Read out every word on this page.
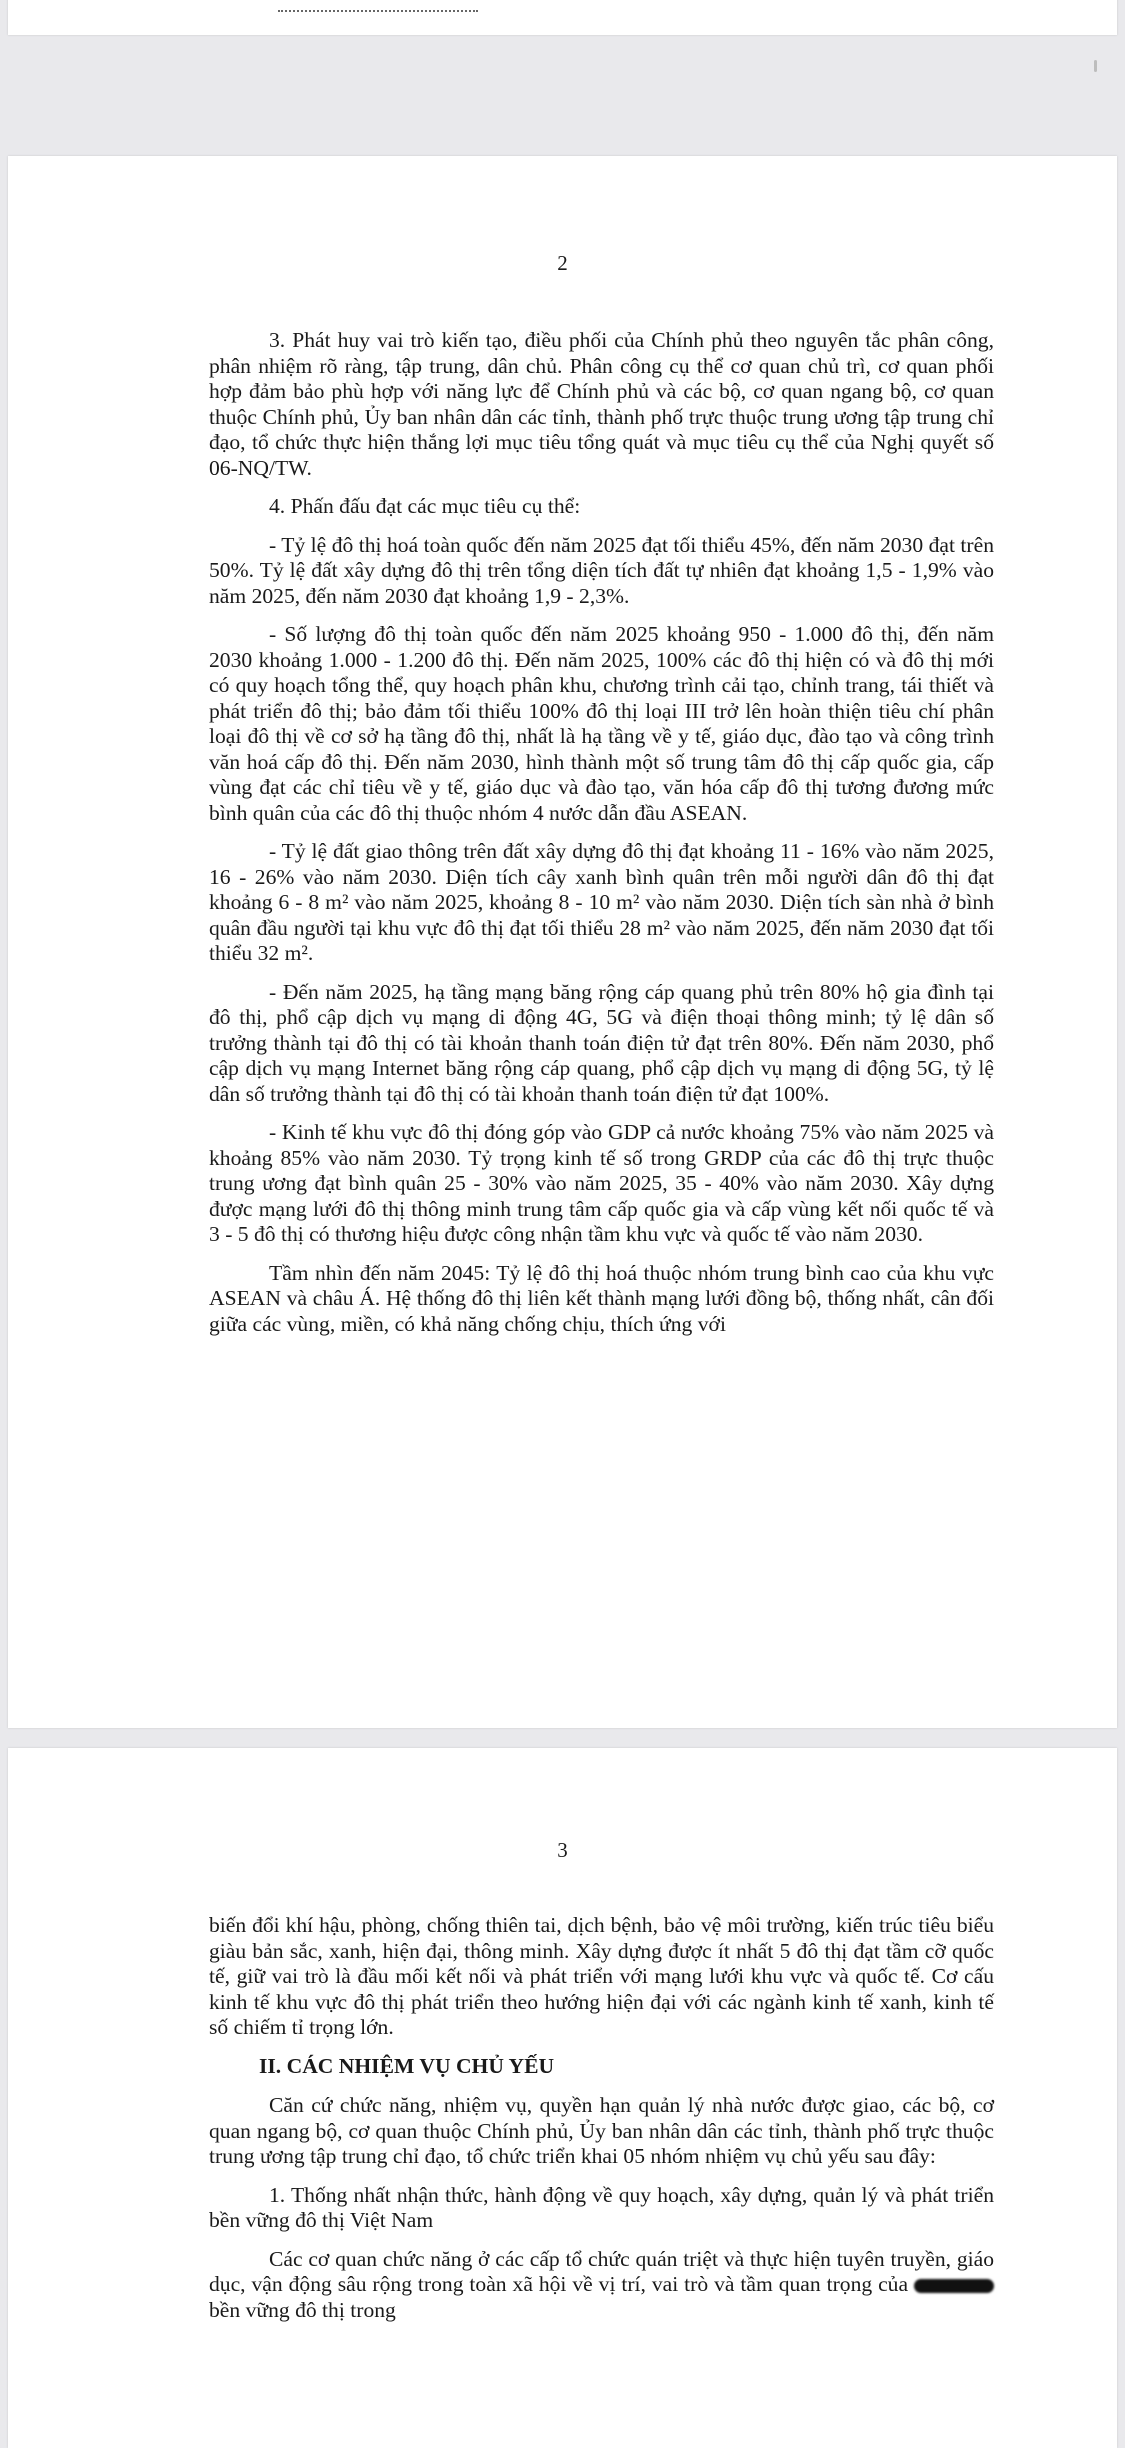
2

3. Phát huy vai trò kiến tạo, điều phối của Chính phủ theo nguyên tắc phân công, phân nhiệm rõ ràng, tập trung, dân chủ. Phân công cụ thể cơ quan chủ trì, cơ quan phối hợp đảm bảo phù hợp với năng lực để Chính phủ và các bộ, cơ quan ngang bộ, cơ quan thuộc Chính phủ, Ủy ban nhân dân các tỉnh, thành phố trực thuộc trung ương tập trung chỉ đạo, tổ chức thực hiện thắng lợi mục tiêu tổng quát và mục tiêu cụ thể của Nghị quyết số 06-NQ/TW.

4. Phấn đấu đạt các mục tiêu cụ thể:

- Tỷ lệ đô thị hoá toàn quốc đến năm 2025 đạt tối thiểu 45%, đến năm 2030 đạt trên 50%. Tỷ lệ đất xây dựng đô thị trên tổng diện tích đất tự nhiên đạt khoảng 1,5 - 1,9% vào năm 2025, đến năm 2030 đạt khoảng 1,9 - 2,3%.

- Số lượng đô thị toàn quốc đến năm 2025 khoảng 950 - 1.000 đô thị, đến năm 2030 khoảng 1.000 - 1.200 đô thị. Đến năm 2025, 100% các đô thị hiện có và đô thị mới có quy hoạch tổng thể, quy hoạch phân khu, chương trình cải tạo, chỉnh trang, tái thiết và phát triển đô thị; bảo đảm tối thiểu 100% đô thị loại III trở lên hoàn thiện tiêu chí phân loại đô thị về cơ sở hạ tầng đô thị, nhất là hạ tầng về y tế, giáo dục, đào tạo và công trình văn hoá cấp đô thị. Đến năm 2030, hình thành một số trung tâm đô thị cấp quốc gia, cấp vùng đạt các chỉ tiêu về y tế, giáo dục và đào tạo, văn hóa cấp đô thị tương đương mức bình quân của các đô thị thuộc nhóm 4 nước dẫn đầu ASEAN.

- Tỷ lệ đất giao thông trên đất xây dựng đô thị đạt khoảng 11 - 16% vào năm 2025, 16 - 26% vào năm 2030. Diện tích cây xanh bình quân trên mỗi người dân đô thị đạt khoảng 6 - 8 m² vào năm 2025, khoảng 8 - 10 m² vào năm 2030. Diện tích sàn nhà ở bình quân đầu người tại khu vực đô thị đạt tối thiểu 28 m² vào năm 2025, đến năm 2030 đạt tối thiểu 32 m².

- Đến năm 2025, hạ tầng mạng băng rộng cáp quang phủ trên 80% hộ gia đình tại đô thị, phổ cập dịch vụ mạng di động 4G, 5G và điện thoại thông minh; tỷ lệ dân số trưởng thành tại đô thị có tài khoản thanh toán điện tử đạt trên 80%. Đến năm 2030, phổ cập dịch vụ mạng Internet băng rộng cáp quang, phổ cập dịch vụ mạng di động 5G, tỷ lệ dân số trưởng thành tại đô thị có tài khoản thanh toán điện tử đạt 100%.

- Kinh tế khu vực đô thị đóng góp vào GDP cả nước khoảng 75% vào năm 2025 và khoảng 85% vào năm 2030. Tỷ trọng kinh tế số trong GRDP của các đô thị trực thuộc trung ương đạt bình quân 25 - 30% vào năm 2025, 35 - 40% vào năm 2030. Xây dựng được mạng lưới đô thị thông minh trung tâm cấp quốc gia và cấp vùng kết nối quốc tế và 3 - 5 đô thị có thương hiệu được công nhận tầm khu vực và quốc tế vào năm 2030.

Tầm nhìn đến năm 2045: Tỷ lệ đô thị hoá thuộc nhóm trung bình cao của khu vực ASEAN và châu Á. Hệ thống đô thị liên kết thành mạng lưới đồng bộ, thống nhất, cân đối giữa các vùng, miền, có khả năng chống chịu, thích ứng với

3

biến đổi khí hậu, phòng, chống thiên tai, dịch bệnh, bảo vệ môi trường, kiến trúc tiêu biểu giàu bản sắc, xanh, hiện đại, thông minh. Xây dựng được ít nhất 5 đô thị đạt tầm cỡ quốc tế, giữ vai trò là đầu mối kết nối và phát triển với mạng lưới khu vực và quốc tế. Cơ cấu kinh tế khu vực đô thị phát triển theo hướng hiện đại với các ngành kinh tế xanh, kinh tế số chiếm tỉ trọng lớn.

II. CÁC NHIỆM VỤ CHỦ YẾU

Căn cứ chức năng, nhiệm vụ, quyền hạn quản lý nhà nước được giao, các bộ, cơ quan ngang bộ, cơ quan thuộc Chính phủ, Ủy ban nhân dân các tỉnh, thành phố trực thuộc trung ương tập trung chỉ đạo, tổ chức triển khai 05 nhóm nhiệm vụ chủ yếu sau đây:

1. Thống nhất nhận thức, hành động về quy hoạch, xây dựng, quản lý và phát triển bền vững đô thị Việt Nam

Các cơ quan chức năng ở các cấp tổ chức quán triệt và thực hiện tuyên truyền, giáo dục, vận động sâu rộng trong toàn xã hội về vị trí, vai trò và tầm quan trọng của  bền vững đô thị trong
